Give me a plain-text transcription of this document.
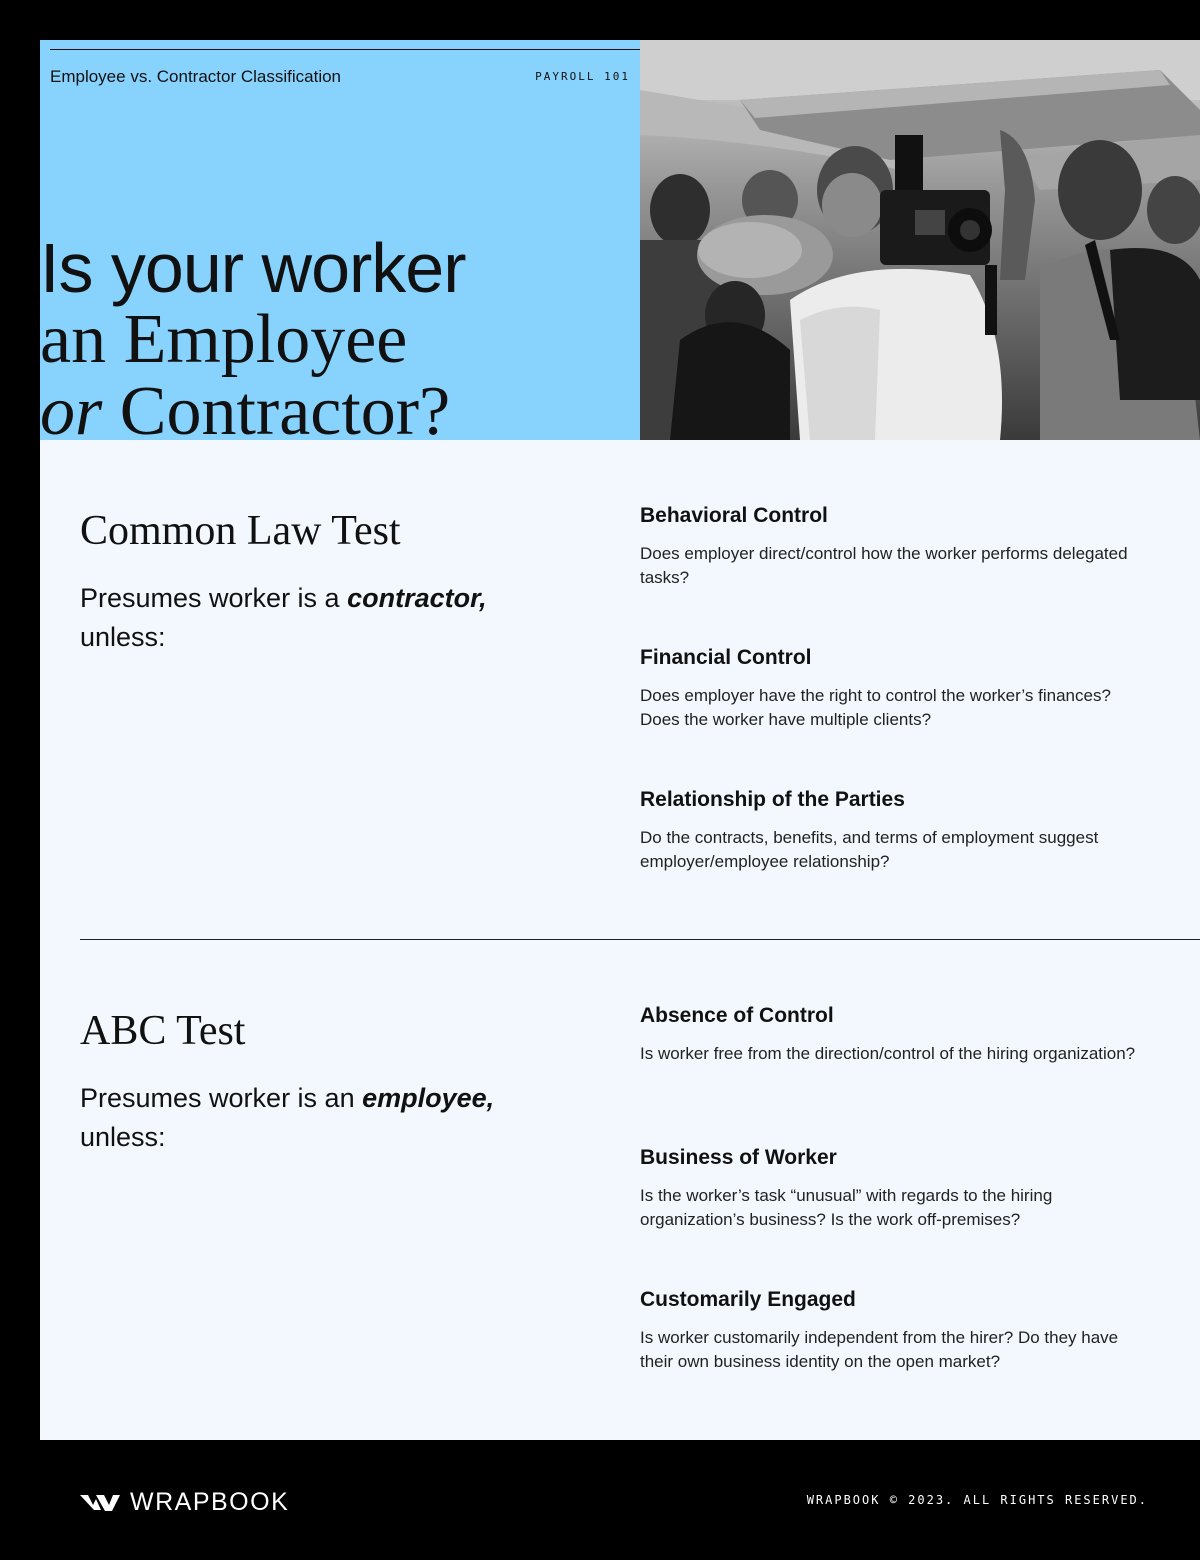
Employee vs. Contractor Classification	PAYROLL 101
Is your worker
an Employee
or Contractor?
Common Law Test
Presumes worker is a contractor,
unless:
Behavioral Control

Does employer direct/control how the worker performs delegated tasks?

Financial Control

Does employer have the right to control the worker’s finances? Does the worker have multiple clients?

Relationship of the Parties

Do the contracts, benefits, and terms of employment suggest employer/employee relationship?

ABC Test
Presumes worker is an employee,
unless:
Absence of Control

Is worker free from the direction/control of the hiring organization?

Business of Worker

Is the worker’s task “unusual” with regards to the hiring organization’s business? Is the work off-premises?

Customarily Engaged

Is worker customarily independent from the hirer? Do they have their own business identity on the open market?

WRAPBOOK	WRAPBOOK © 2023. ALL RIGHTS RESERVED.
